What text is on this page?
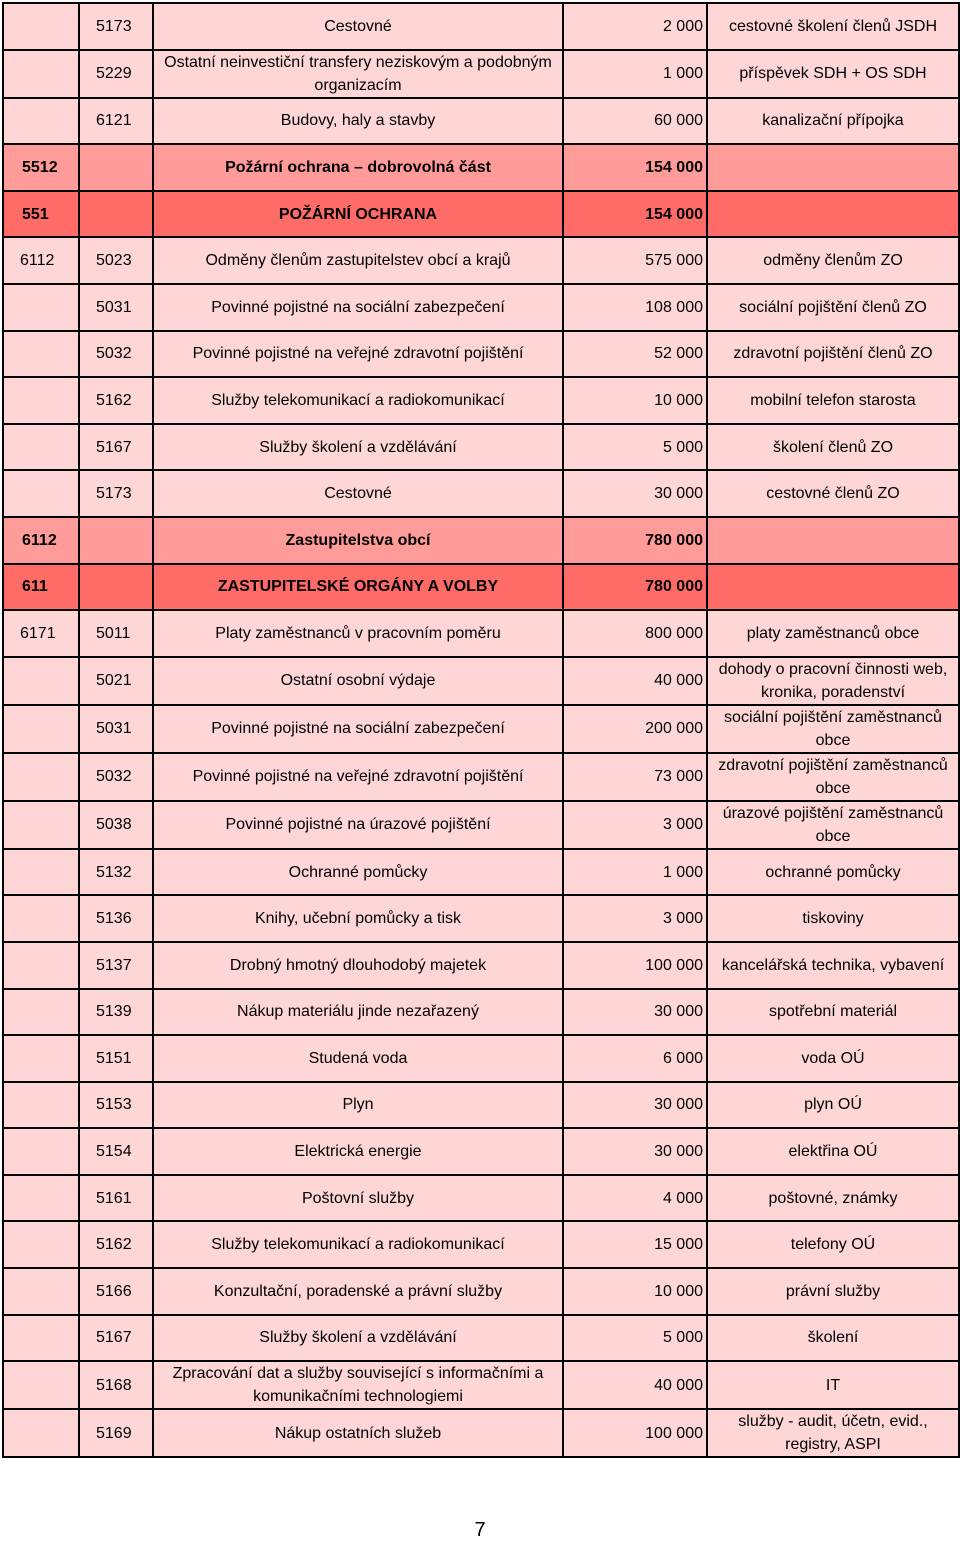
	5173	Cestovné	2 000	cestovné školení členů JSDH
	5229	Ostatní neinvestiční transfery neziskovým a podobným organizacím	1 000	příspěvek SDH + OS SDH
	6121	Budovy, haly a stavby	60 000	kanalizační přípojka
5512		Požární ochrana – dobrovolná část	154 000	
551		POŽÁRNÍ OCHRANA	154 000	
6112	5023	Odměny členům zastupitelstev obcí a krajů	575 000	odměny členům ZO
	5031	Povinné pojistné na sociální zabezpečení	108 000	sociální pojištění členů ZO
	5032	Povinné pojistné na veřejné zdravotní pojištění	52 000	zdravotní pojištění členů ZO
	5162	Služby telekomunikací a radiokomunikací	10 000	mobilní telefon starosta
	5167	Služby školení a vzdělávání	5 000	školení členů ZO
	5173	Cestovné	30 000	cestovné členů ZO
6112		Zastupitelstva obcí	780 000	
611		ZASTUPITELSKÉ ORGÁNY A VOLBY	780 000	
6171	5011	Platy zaměstnanců v pracovním poměru	800 000	platy zaměstnanců obce
	5021	Ostatní osobní výdaje	40 000	dohody o pracovní činnosti web, kronika, poradenství
	5031	Povinné pojistné na sociální zabezpečení	200 000	sociální pojištění zaměstnanců obce
	5032	Povinné pojistné na veřejné zdravotní pojištění	73 000	zdravotní pojištění zaměstnanců obce
	5038	Povinné pojistné na úrazové pojištění	3 000	úrazové pojištění zaměstnanců obce
	5132	Ochranné pomůcky	1 000	ochranné pomůcky
	5136	Knihy, učební pomůcky a tisk	3 000	tiskoviny
	5137	Drobný hmotný dlouhodobý majetek	100 000	kancelářská technika, vybavení
	5139	Nákup materiálu jinde nezařazený	30 000	spotřební materiál
	5151	Studená voda	6 000	voda OÚ
	5153	Plyn	30 000	plyn OÚ
	5154	Elektrická energie	30 000	elektřina OÚ
	5161	Poštovní služby	4 000	poštovné, známky
	5162	Služby telekomunikací a radiokomunikací	15 000	telefony OÚ
	5166	Konzultační, poradenské a právní služby	10 000	právní služby
	5167	Služby školení a vzdělávání	5 000	školení
	5168	Zpracování dat a služby související s informačními a komunikačními technologiemi	40 000	IT
	5169	Nákup ostatních služeb	100 000	služby - audit, účetn, evid., registry, ASPI
7
